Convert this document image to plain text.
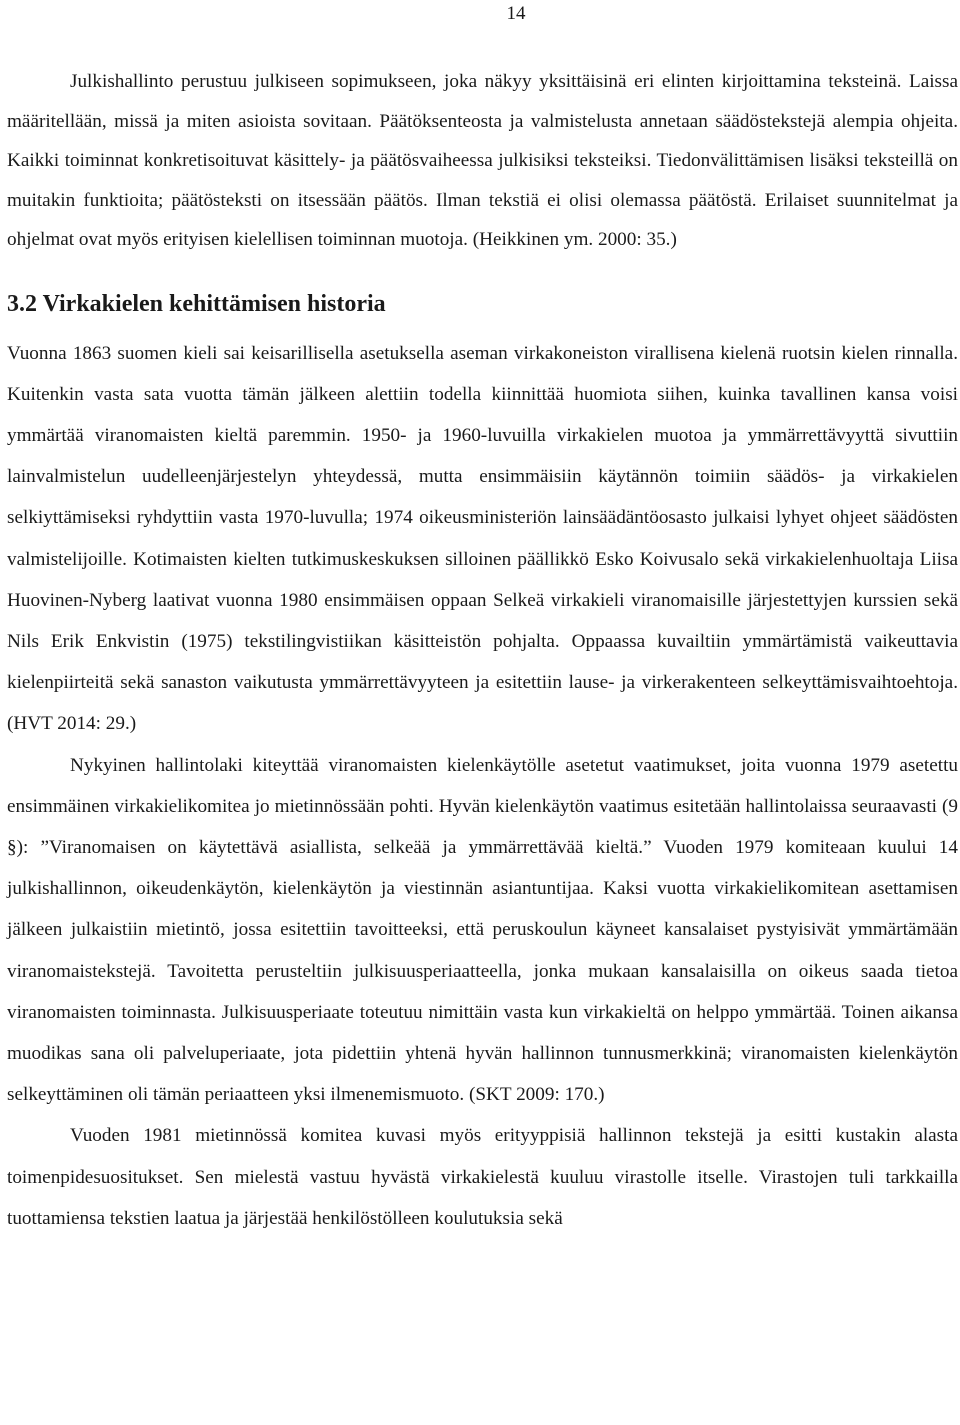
14

Julkishallinto perustuu julkiseen sopimukseen, joka näkyy yksittäisinä eri elinten kirjoittamina teksteinä. Laissa määritellään, missä ja miten asioista sovitaan. Päätöksenteosta ja valmistelusta annetaan säädöstekstejä alempia ohjeita. Kaikki toiminnat konkretisoituvat käsittely- ja päätösvaiheessa julkisiksi teksteiksi. Tiedonvälittämisen lisäksi teksteillä on muitakin funktioita; päätösteksti on itsessään päätös. Ilman tekstiä ei olisi olemassa päätöstä. Erilaiset suunnitelmat ja ohjelmat ovat myös erityisen kielellisen toiminnan muotoja. (Heikkinen ym. 2000: 35.)

3.2 Virkakielen kehittämisen historia

Vuonna 1863 suomen kieli sai keisarillisella asetuksella aseman virkakoneiston virallisena kielenä ruotsin kielen rinnalla. Kuitenkin vasta sata vuotta tämän jälkeen alettiin todella kiinnittää huomiota siihen, kuinka tavallinen kansa voisi ymmärtää viranomaisten kieltä paremmin. 1950- ja 1960-luvuilla virkakielen muotoa ja ymmärrettävyyttä sivuttiin lainvalmistelun uudelleenjärjestelyn yhteydessä, mutta ensimmäisiin käytännön toimiin säädös- ja virkakielen selkiyttämiseksi ryhdyttiin vasta 1970-luvulla; 1974 oikeusministeriön lainsäädäntöosasto julkaisi lyhyet ohjeet säädösten valmistelijoille. Kotimaisten kielten tutkimuskeskuksen silloinen päällikkö Esko Koivusalo sekä virkakielenhuoltaja Liisa Huovinen-Nyberg laativat vuonna 1980 ensimmäisen oppaan Selkeä virkakieli viranomaisille järjestettyjen kurssien sekä Nils Erik Enkvistin (1975) tekstilingvistiikan käsitteistön pohjalta. Oppaassa kuvailtiin ymmärtämistä vaikeuttavia kielenpiirteitä sekä sanaston vaikutusta ymmärrettävyyteen ja esitettiin lause- ja virkerakenteen selkeyttämisvaihtoehtoja. (HVT 2014: 29.)

Nykyinen hallintolaki kiteyttää viranomaisten kielenkäytölle asetetut vaatimukset, joita vuonna 1979 asetettu ensimmäinen virkakielikomitea jo mietinnössään pohti. Hyvän kielenkäytön vaatimus esitetään hallintolaissa seuraavasti (9 §): ”Viranomaisen on käytettävä asiallista, selkeää ja ymmärrettävää kieltä.” Vuoden 1979 komiteaan kuului 14 julkishallinnon, oikeudenkäytön, kielenkäytön ja viestinnän asiantuntijaa. Kaksi vuotta virkakielikomitean asettamisen jälkeen julkaistiin mietintö, jossa esitettiin tavoitteeksi, että peruskoulun käyneet kansalaiset pystyisivät ymmärtämään viranomaistekstejä. Tavoitetta perusteltiin julkisuusperiaatteella, jonka mukaan kansalaisilla on oikeus saada tietoa viranomaisten toiminnasta. Julkisuusperiaate toteutuu nimittäin vasta kun virkakieltä on helppo ymmärtää. Toinen aikansa muodikas sana oli palveluperiaate, jota pidettiin yhtenä hyvän hallinnon tunnusmerkkinä; viranomaisten kielenkäytön selkeyttäminen oli tämän periaatteen yksi ilmenemismuoto. (SKT 2009: 170.)

Vuoden 1981 mietinnössä komitea kuvasi myös erityyppisiä hallinnon tekstejä ja esitti kustakin alasta toimenpidesuositukset. Sen mielestä vastuu hyvästä virkakielestä kuuluu virastolle itselle. Virastojen tuli tarkkailla tuottamiensa tekstien laatua ja järjestää henkilöstölleen koulutuksia sekä
